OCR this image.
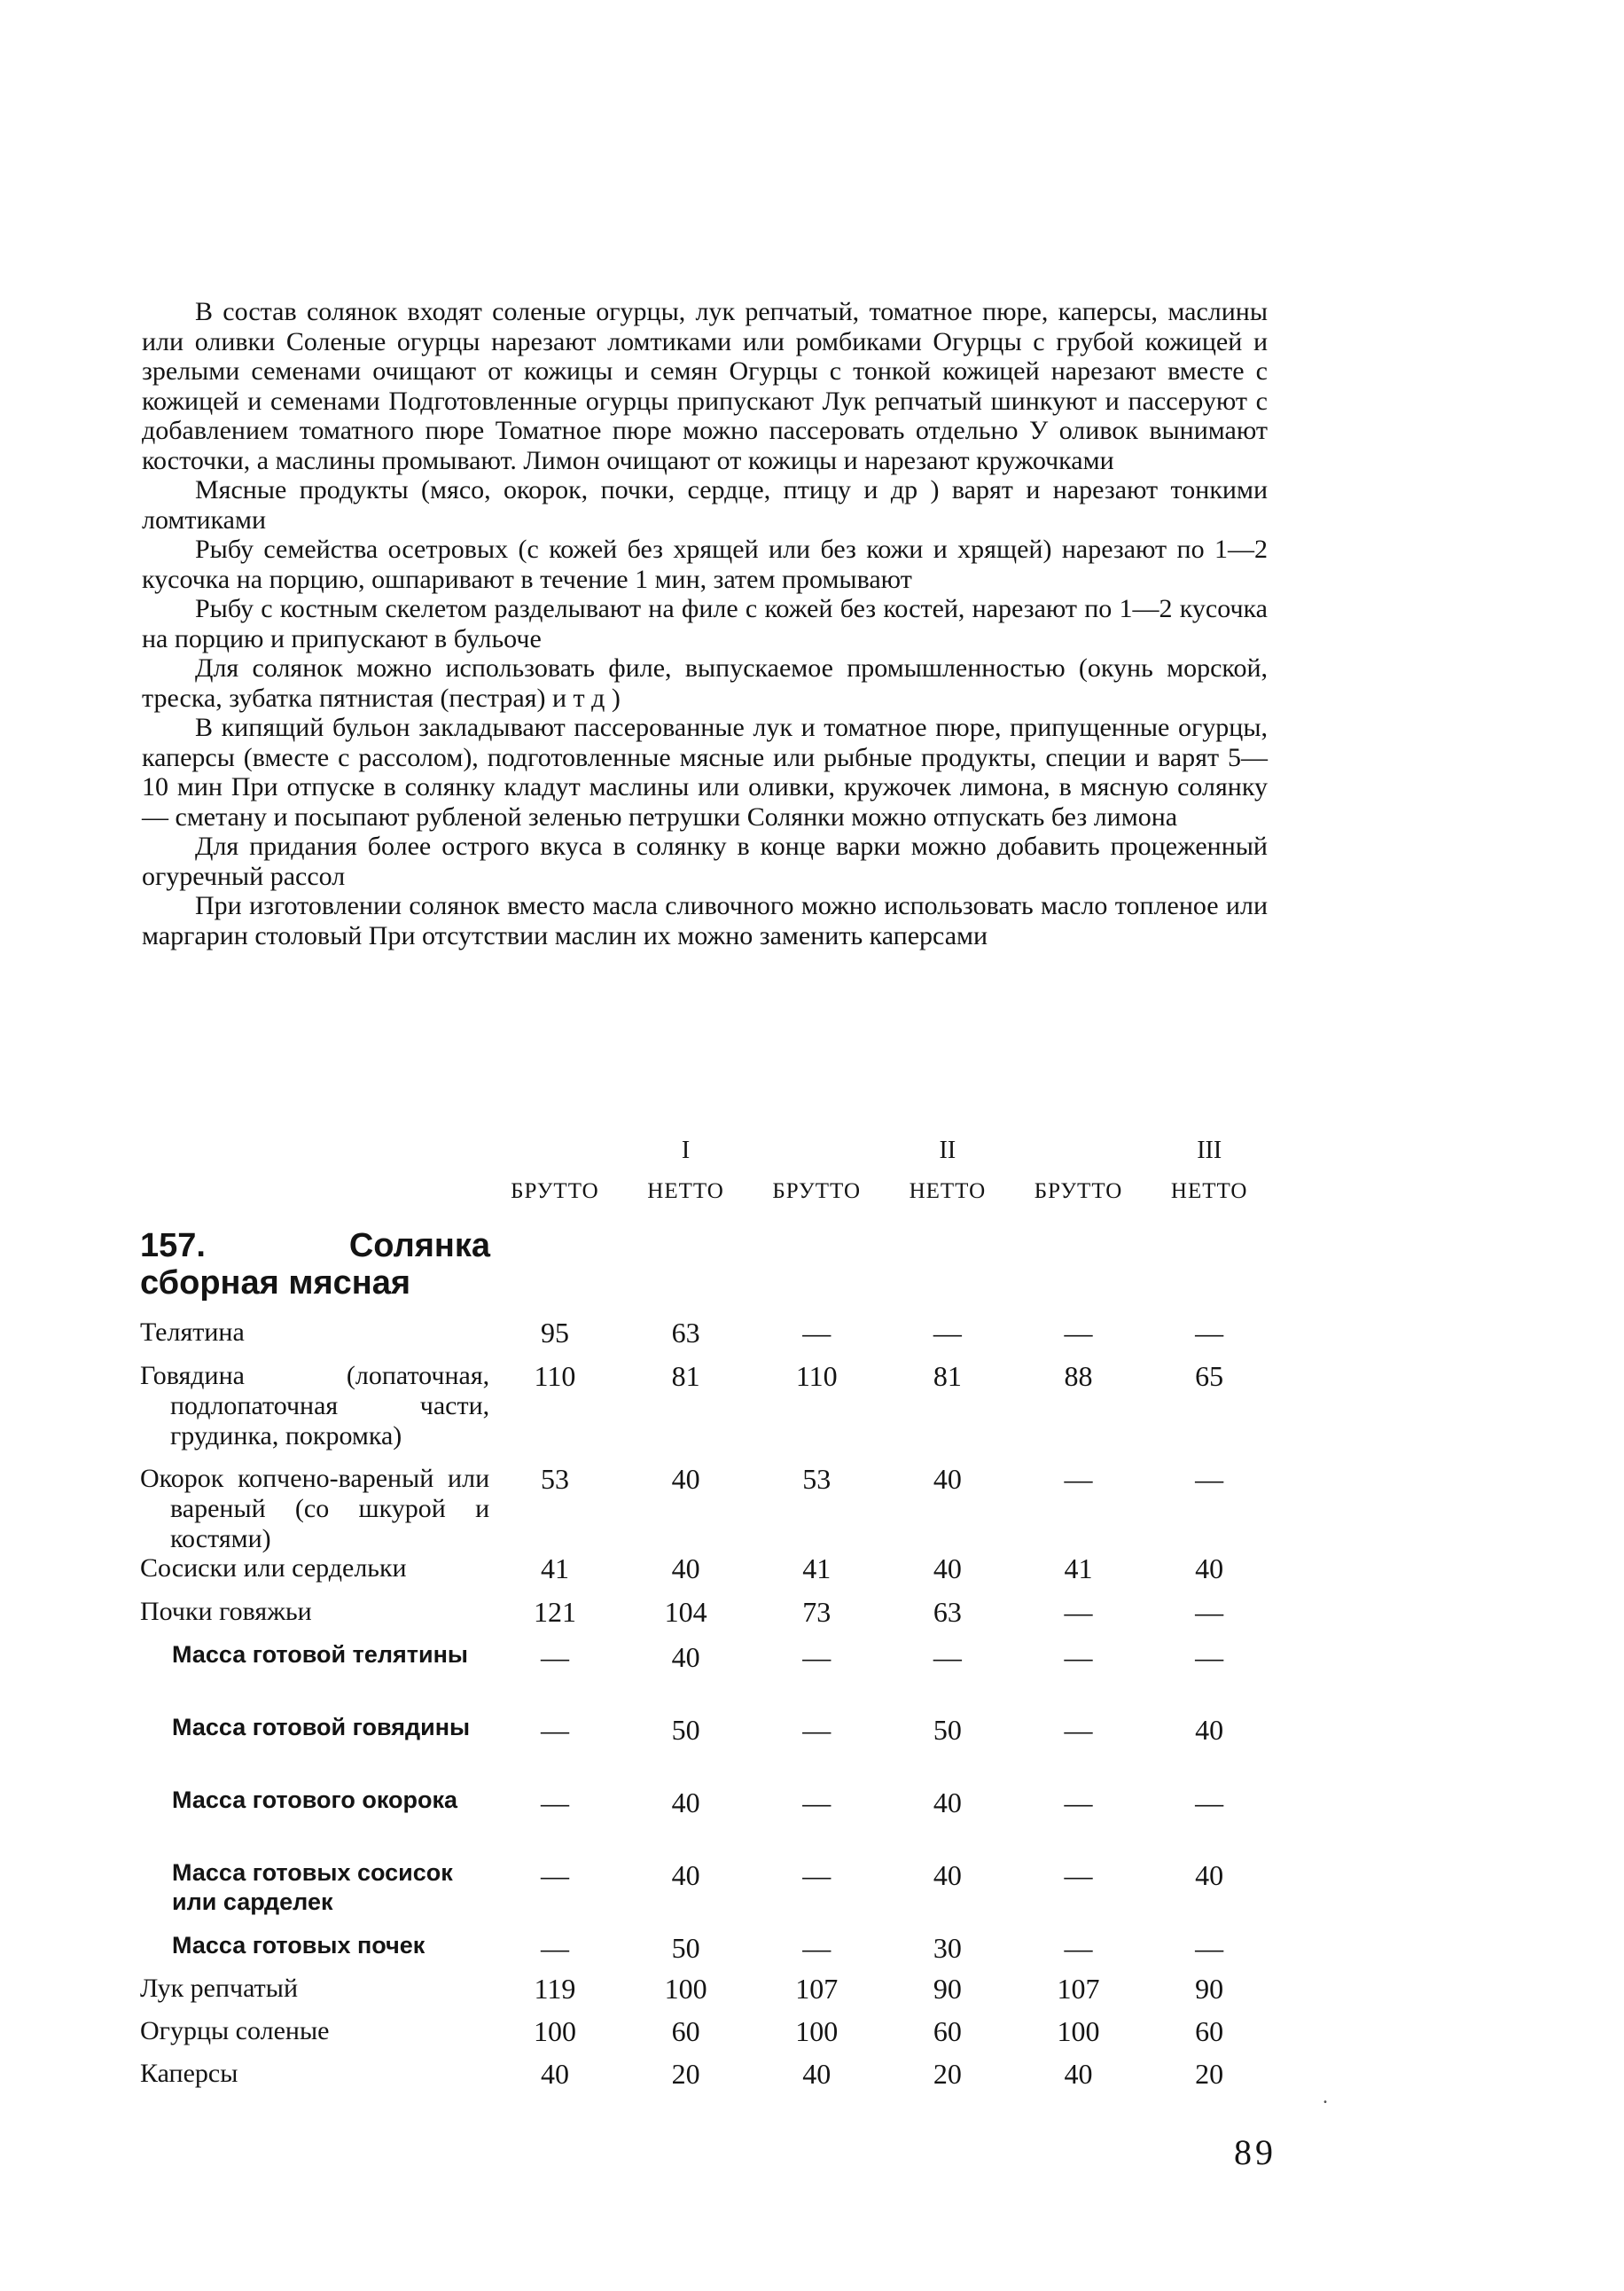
В состав солянок входят соленые огурцы, лук репчатый, томатное пюре, каперсы, маслины или оливки Соленые огурцы нарезают ломтиками или ромбиками Огурцы с грубой кожицей и зрелыми семенами очищают от кожицы и семян Огурцы с тонкой кожицей нарезают вместе с кожицей и семенами Подготовленные огурцы припускают Лук репчатый шинкуют и пассеруют с добавлением томатного пюре Томатное пюре можно пассеровать отдельно У оливок вынимают косточки, а маслины промывают. Лимон очищают от кожицы и нарезают кружочками

Мясные продукты (мясо, окорок, почки, сердце, птицу и др ) варят и нарезают тонкими ломтиками

Рыбу семейства осетровых (с кожей без хрящей или без кожи и хрящей) нарезают по 1—2 кусочка на порцию, ошпаривают в течение 1 мин, затем промывают

Рыбу с костным скелетом разделывают на филе с кожей без костей, нарезают по 1—2 кусочка на порцию и припускают в бульоче

Для солянок можно использовать филе, выпускаемое промышленностью (окунь морской, треска, зубатка пятнистая (пестрая) и т д )

В кипящий бульон закладывают пассерованные лук и томатное пюре, припущенные огурцы, каперсы (вместе с рассолом), подготовленные мясные или рыбные продукты, специи и варят 5—10 мин При отпуске в солянку кладут маслины или оливки, кружочек лимона, в мясную солянку — сметану и посыпают рубленой зеленью петрушки Солянки можно отпускать без лимона

Для придания более острого вкуса в солянку в конце варки можно добавить процеженный огуречный рассол

При изготовлении солянок вместо масла сливочного можно использовать масло топленое или маргарин столовый При отсутствии маслин их можно заменить каперсами

I	II	III
БРУТТО	НЕТТО	БРУТТО	НЕТТО	БРУТТО	НЕТТО
157. Солянка сборная мясная
Телятина	95	63	—	—	—	—
Говядина (лопаточная, подлопаточная части, грудинка, покромка)
110	81	110	81	88	65
Окорок копчено-вареный или вареный (со шкурой и костями)
53	40	53	40	—	—
Сосиски или сердельки	41	40	41	40	41	40
Почки говяжьи	121	104	73	63	—	—
Масса готовой телятины	—	40	—	—	—	—
Масса готовой говядины	—	50	—	50	—	40
Масса готового окорока	—	40	—	40	—	—
Масса готовых сосисок или сарделек
—	40	—	40	—	40
Масса готовых почек	—	50	—	30	—	—
Лук репчатый	119	100	107	90	107	90
Огурцы соленые	100	60	100	60	100	60
Каперсы	40	20	40	20	40	20
.
89
